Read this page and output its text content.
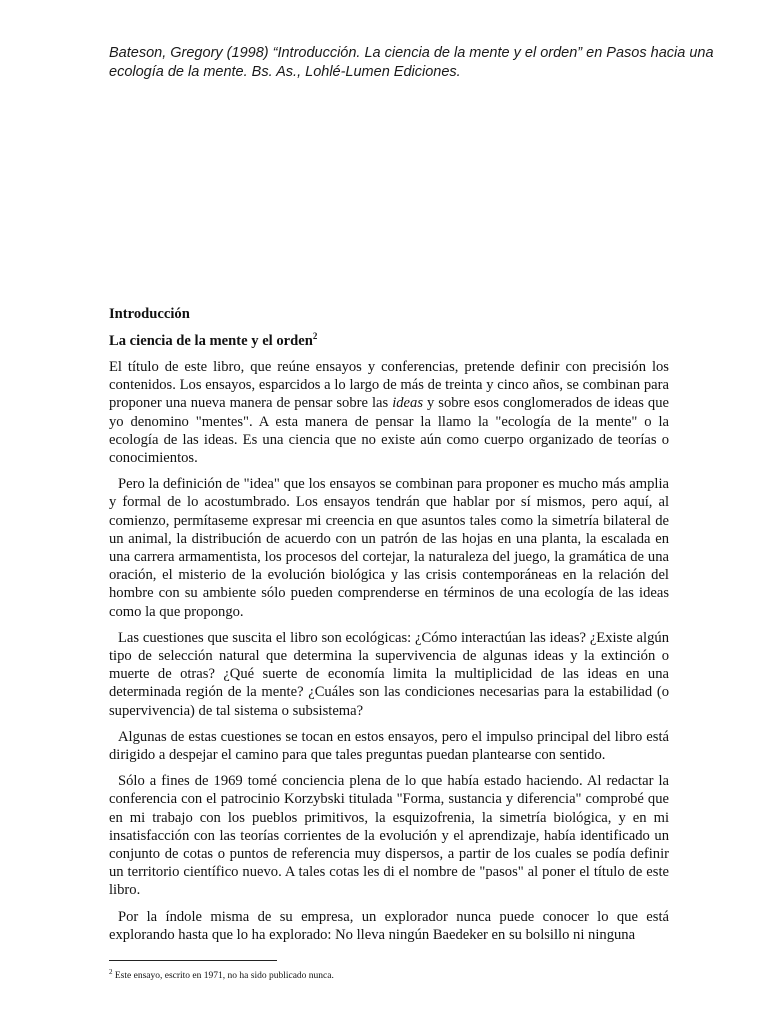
Bateson, Gregory (1998) “Introducción. La ciencia de la mente y el orden” en Pasos hacia una
ecología de la mente. Bs. As., Lohlé-Lumen Ediciones.

Introducción

La ciencia de la mente y el orden$^2$

El título de este libro, que reúne ensayos y conferencias, pretende definir con precisión los contenidos. Los ensayos, esparcidos a lo largo de más de treinta y cinco años, se combinan para proponer una nueva manera de pensar sobre las ideas y sobre esos conglomerados de ideas que yo denomino "mentes". A esta manera de pensar la llamo la "ecología de la mente" o la ecología de las ideas. Es una ciencia que no existe aún como cuerpo organizado de teorías o conocimientos.

Pero la definición de "idea" que los ensayos se combinan para proponer es mucho más amplia y formal de lo acostumbrado. Los ensayos tendrán que hablar por sí mismos, pero aquí, al comienzo, permítaseme expresar mi creencia en que asuntos tales como la simetría bilateral de un animal, la distribución de acuerdo con un patrón de las hojas en una planta, la escalada en una carrera armamentista, los procesos del cortejar, la naturaleza del juego, la gramática de una oración, el misterio de la evolución biológica y las crisis contemporáneas en la relación del hombre con su ambiente sólo pueden comprenderse en términos de una ecología de las ideas como la que propongo.

Las cuestiones que suscita el libro son ecológicas: ¿Cómo interactúan las ideas? ¿Existe algún tipo de selección natural que determina la supervivencia de algunas ideas y la extinción o muerte de otras? ¿Qué suerte de economía limita la multiplicidad de las ideas en una determinada región de la mente? ¿Cuáles son las condiciones necesarias para la estabilidad (o supervivencia) de tal sistema o subsistema?

Algunas de estas cuestiones se tocan en estos ensayos, pero el impulso principal del libro está dirigido a despejar el camino para que tales preguntas puedan plantearse con sentido.

Sólo a fines de 1969 tomé conciencia plena de lo que había estado haciendo. Al redactar la conferencia con el patrocinio Korzybski titulada "Forma, sustancia y diferencia" comprobé que en mi trabajo con los pueblos primitivos, la esquizofrenia, la simetría biológica, y en mi insatisfacción con las teorías corrientes de la evolución y el aprendizaje, había identificado un conjunto de cotas o puntos de referencia muy dispersos, a partir de los cuales se podía definir un territorio científico nuevo. A tales cotas les di el nombre de "pasos" al poner el título de este libro.

Por la índole misma de su empresa, un explorador nunca puede conocer lo que está explorando hasta que lo ha explorado: No lleva ningún Baedeker en su bolsillo ni ninguna

$^2$ Este ensayo, escrito en 1971, no ha sido publicado nunca.
